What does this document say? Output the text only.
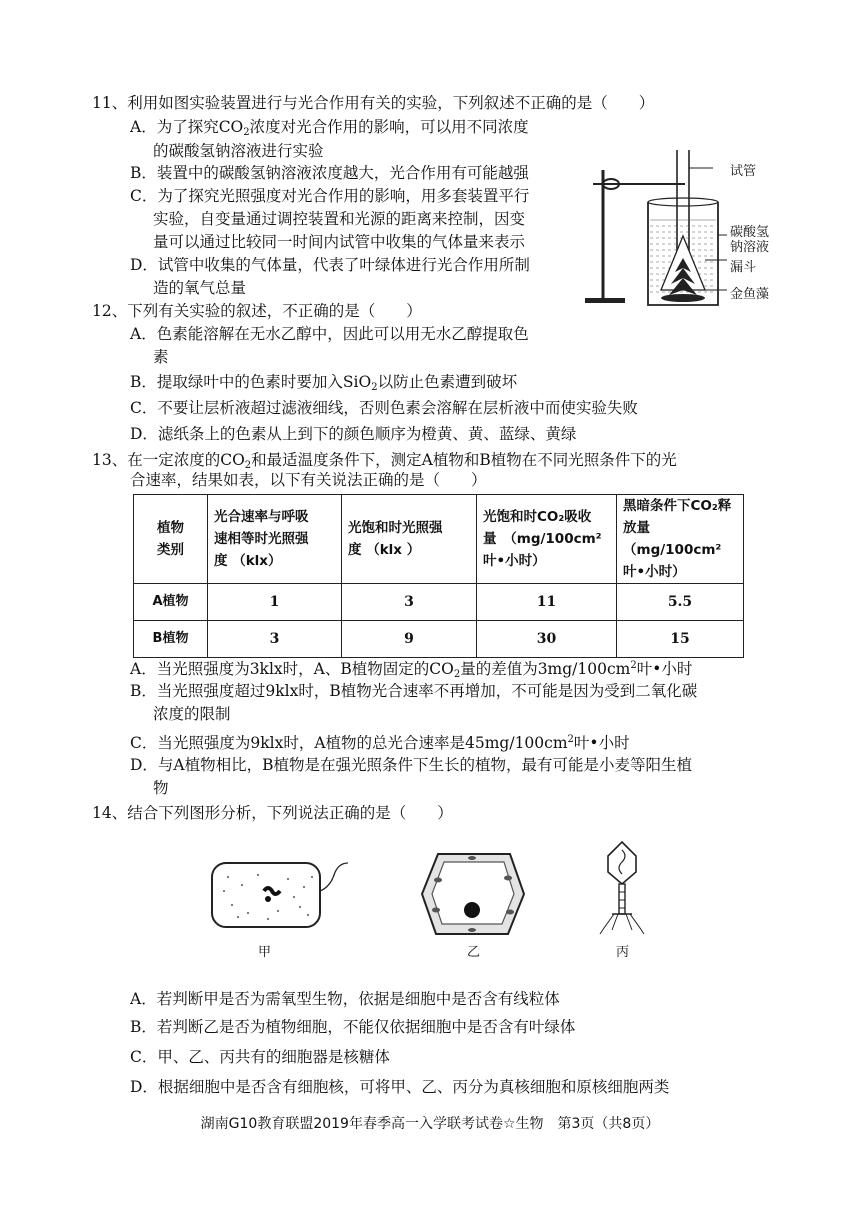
11、利用如图实验装置进行与光合作用有关的实验，下列叙述不正确的是（　　）
A．为了探究$CO_2$浓度对光合作用的影响，可以用不同浓度
的碳酸氢钠溶液进行实验
B．装置中的碳酸氢钠溶液浓度越大，光合作用有可能越强
C．为了探究光照强度对光合作用的影响，用多套装置平行
实验，自变量通过调控装置和光源的距离来控制，因变
量可以通过比较同一时间内试管中收集的气体量来表示
D．试管中收集的气体量，代表了叶绿体进行光合作用所制
造的氧气总量
试管
碳酸氢
钠溶液
漏斗
金鱼藻
12、下列有关实验的叙述，不正确的是（　　）
A．色素能溶解在无水乙醇中，因此可以用无水乙醇提取色
素
B．提取绿叶中的色素时要加入SiO$_2$以防止色素遭到破坏
C．不要让层析液超过滤液细线，否则色素会溶解在层析液中而使实验失败
D．滤纸条上的色素从上到下的颜色顺序为橙黄、黄、蓝绿、黄绿
13、在一定浓度的$CO_2$和最适温度条件下，测定A植物和B植物在不同光照条件下的光
合速率，结果如表，以下有关说法正确的是（　　）
植物
类别	光合速率与呼吸
速相等时光照强
度 （klx）	光饱和时光照强
度 （klx ）	光饱和时CO₂吸收
量　（mg/100cm²
叶•小时）	黑暗条件下CO₂释
放量 （mg/100cm²
叶•小时）

A植物	1	3	11	5.5
B植物	3	9	30	15
A．当光照强度为3klx时，A、B植物固定的$CO_2$量的差值为$3mg/100cm^2$叶•小时
B．当光照强度超过9klx时，B植物光合速率不再增加，不可能是因为受到二氧化碳
浓度的限制
C．当光照强度为9klx时，A植物的总光合速率是$45mg/100cm^2$叶•小时
D．与A植物相比，B植物是在强光照条件下生长的植物，最有可能是小麦等阳生植
物
14、结合下列图形分析，下列说法正确的是（　　）
甲	乙	丙
A．若判断甲是否为需氧型生物，依据是细胞中是否含有线粒体
B．若判断乙是否为植物细胞，不能仅依据细胞中是否含有叶绿体
C．甲、乙、丙共有的细胞器是核糖体
D．根据细胞中是否含有细胞核，可将甲、乙、丙分为真核细胞和原核细胞两类
湖南G10教育联盟2019年春季高一入学联考试卷☆生物　第3页（共8页）
